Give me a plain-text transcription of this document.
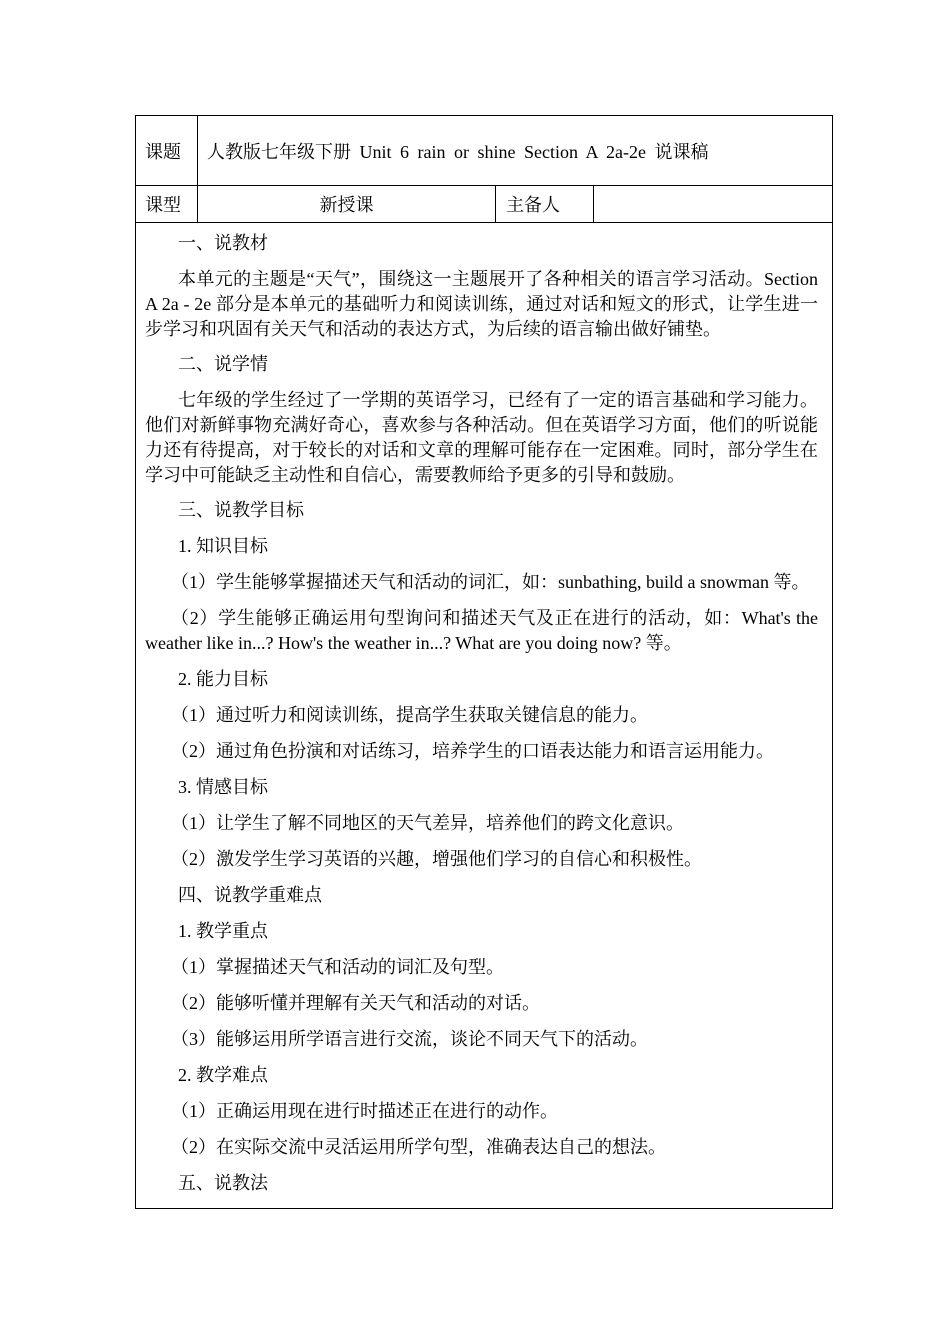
课题	人教版七年级下册 Unit 6 rain or shine Section A 2a-2e 说课稿
课型	新授课	主备人

一、说教材

本单元的主题是“天气”，围绕这一主题展开了各种相关的语言学习活动。Section A 2a - 2e 部分是本单元的基础听力和阅读训练，通过对话和短文的形式，让学生进一步学习和巩固有关天气和活动的表达方式，为后续的语言输出做好铺垫。

二、说学情

七年级的学生经过了一学期的英语学习，已经有了一定的语言基础和学习能力。他们对新鲜事物充满好奇心，喜欢参与各种活动。但在英语学习方面，他们的听说能力还有待提高，对于较长的对话和文章的理解可能存在一定困难。同时，部分学生在学习中可能缺乏主动性和自信心，需要教师给予更多的引导和鼓励。

三、说教学目标

1. 知识目标

（1）学生能够掌握描述天气和活动的词汇，如：sunbathing, build a snowman 等。

（2）学生能够正确运用句型询问和描述天气及正在进行的活动，如：What's the weather like in...? How's the weather in...? What are you doing now? 等。

2. 能力目标

（1）通过听力和阅读训练，提高学生获取关键信息的能力。

（2）通过角色扮演和对话练习，培养学生的口语表达能力和语言运用能力。

3. 情感目标

（1）让学生了解不同地区的天气差异，培养他们的跨文化意识。

（2）激发学生学习英语的兴趣，增强他们学习的自信心和积极性。

四、说教学重难点

1. 教学重点

（1）掌握描述天气和活动的词汇及句型。

（2）能够听懂并理解有关天气和活动的对话。

（3）能够运用所学语言进行交流，谈论不同天气下的活动。

2. 教学难点

（1）正确运用现在进行时描述正在进行的动作。

（2）在实际交流中灵活运用所学句型，准确表达自己的想法。

五、说教法
